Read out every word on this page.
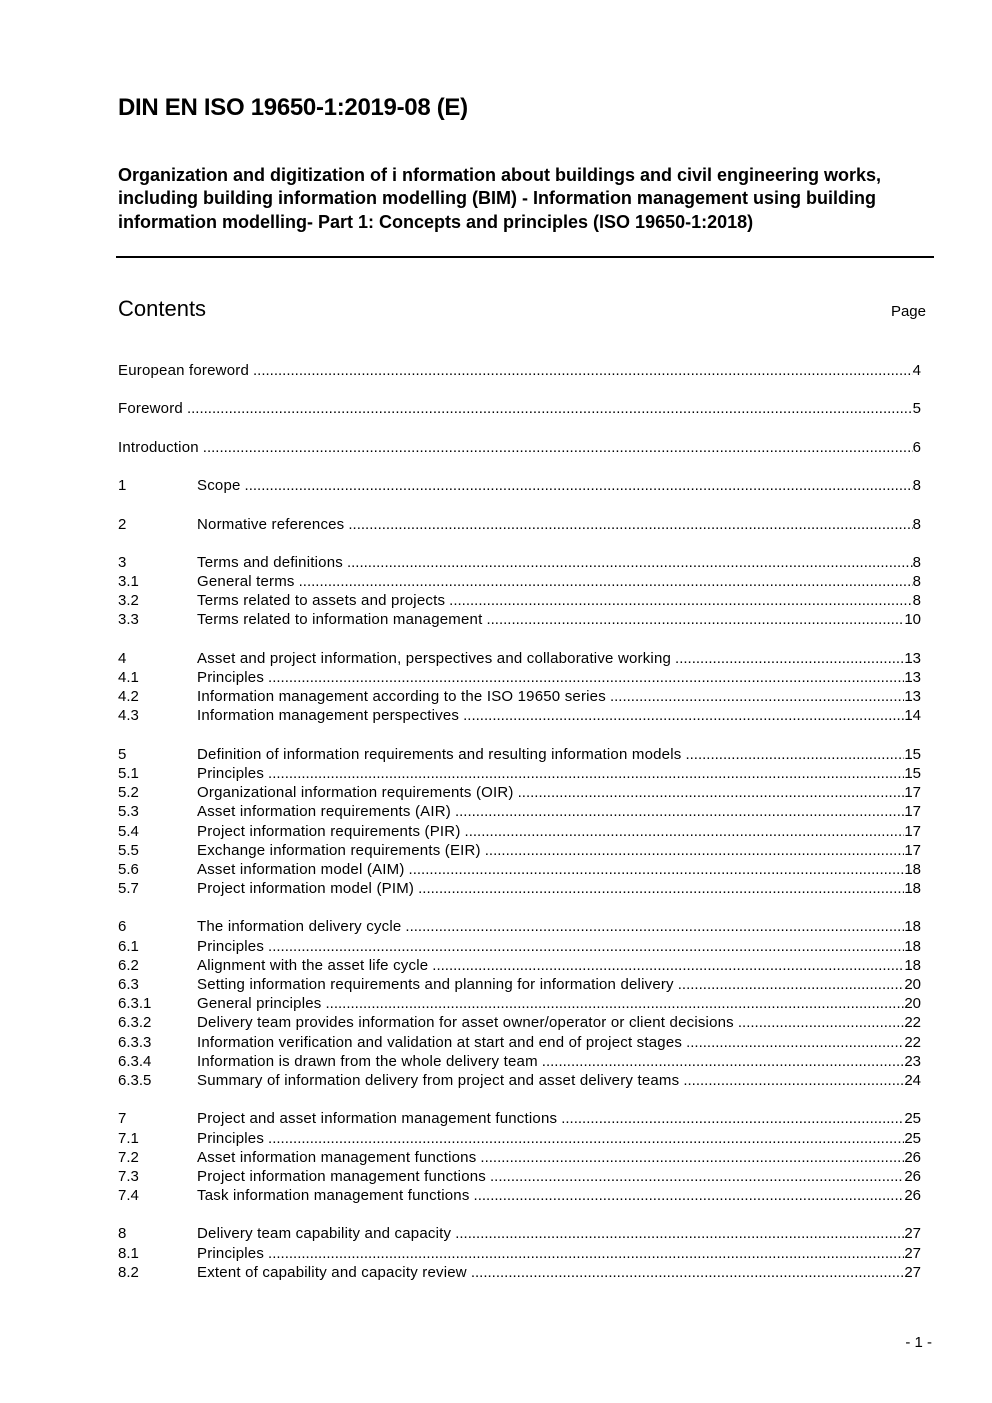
DIN EN ISO 19650-1:2019-08 (E)
Organization and digitization of i nformation about buildings and civil engineering works, including building information modelling (BIM) - Information management using building information modelling- Part 1: Concepts and principles (ISO 19650-1:2018)
Contents	Page
European foreword .....	4
Foreword .....	5
Introduction .....	6
1	Scope .....	8
2	Normative references .....	8
3	Terms and definitions .....	8
3.1	General terms .....	8
3.2	Terms related to assets and projects .....	8
3.3	Terms related to information management .....	10
4	Asset and project information, perspectives and collaborative working .....	13
4.1	Principles .....	13
4.2	Information management according to the ISO 19650 series .....	13
4.3	Information management perspectives .....	14
5	Definition of information requirements and resulting information models .....	15
5.1	Principles .....	15
5.2	Organizational information requirements (OIR) .....	17
5.3	Asset information requirements (AIR) .....	17
5.4	Project information requirements (PIR) .....	17
5.5	Exchange information requirements (EIR) .....	17
5.6	Asset information model (AIM) .....	18
5.7	Project information model (PIM) .....	18
6	The information delivery cycle .....	18
6.1	Principles .....	18
6.2	Alignment with the asset life cycle .....	18
6.3	Setting information requirements and planning for information delivery .....	20
6.3.1	General principles .....	20
6.3.2	Delivery team provides information for asset owner/operator or client decisions .....	22
6.3.3	Information verification and validation at start and end of project stages .....	22
6.3.4	Information is drawn from the whole delivery team .....	23
6.3.5	Summary of information delivery from project and asset delivery teams .....	24
7	Project and asset information management functions .....	25
7.1	Principles .....	25
7.2	Asset information management functions .....	26
7.3	Project information management functions .....	26
7.4	Task information management functions .....	26
8	Delivery team capability and capacity .....	27
8.1	Principles .....	27
8.2	Extent of capability and capacity review .....	27
- 1 -
